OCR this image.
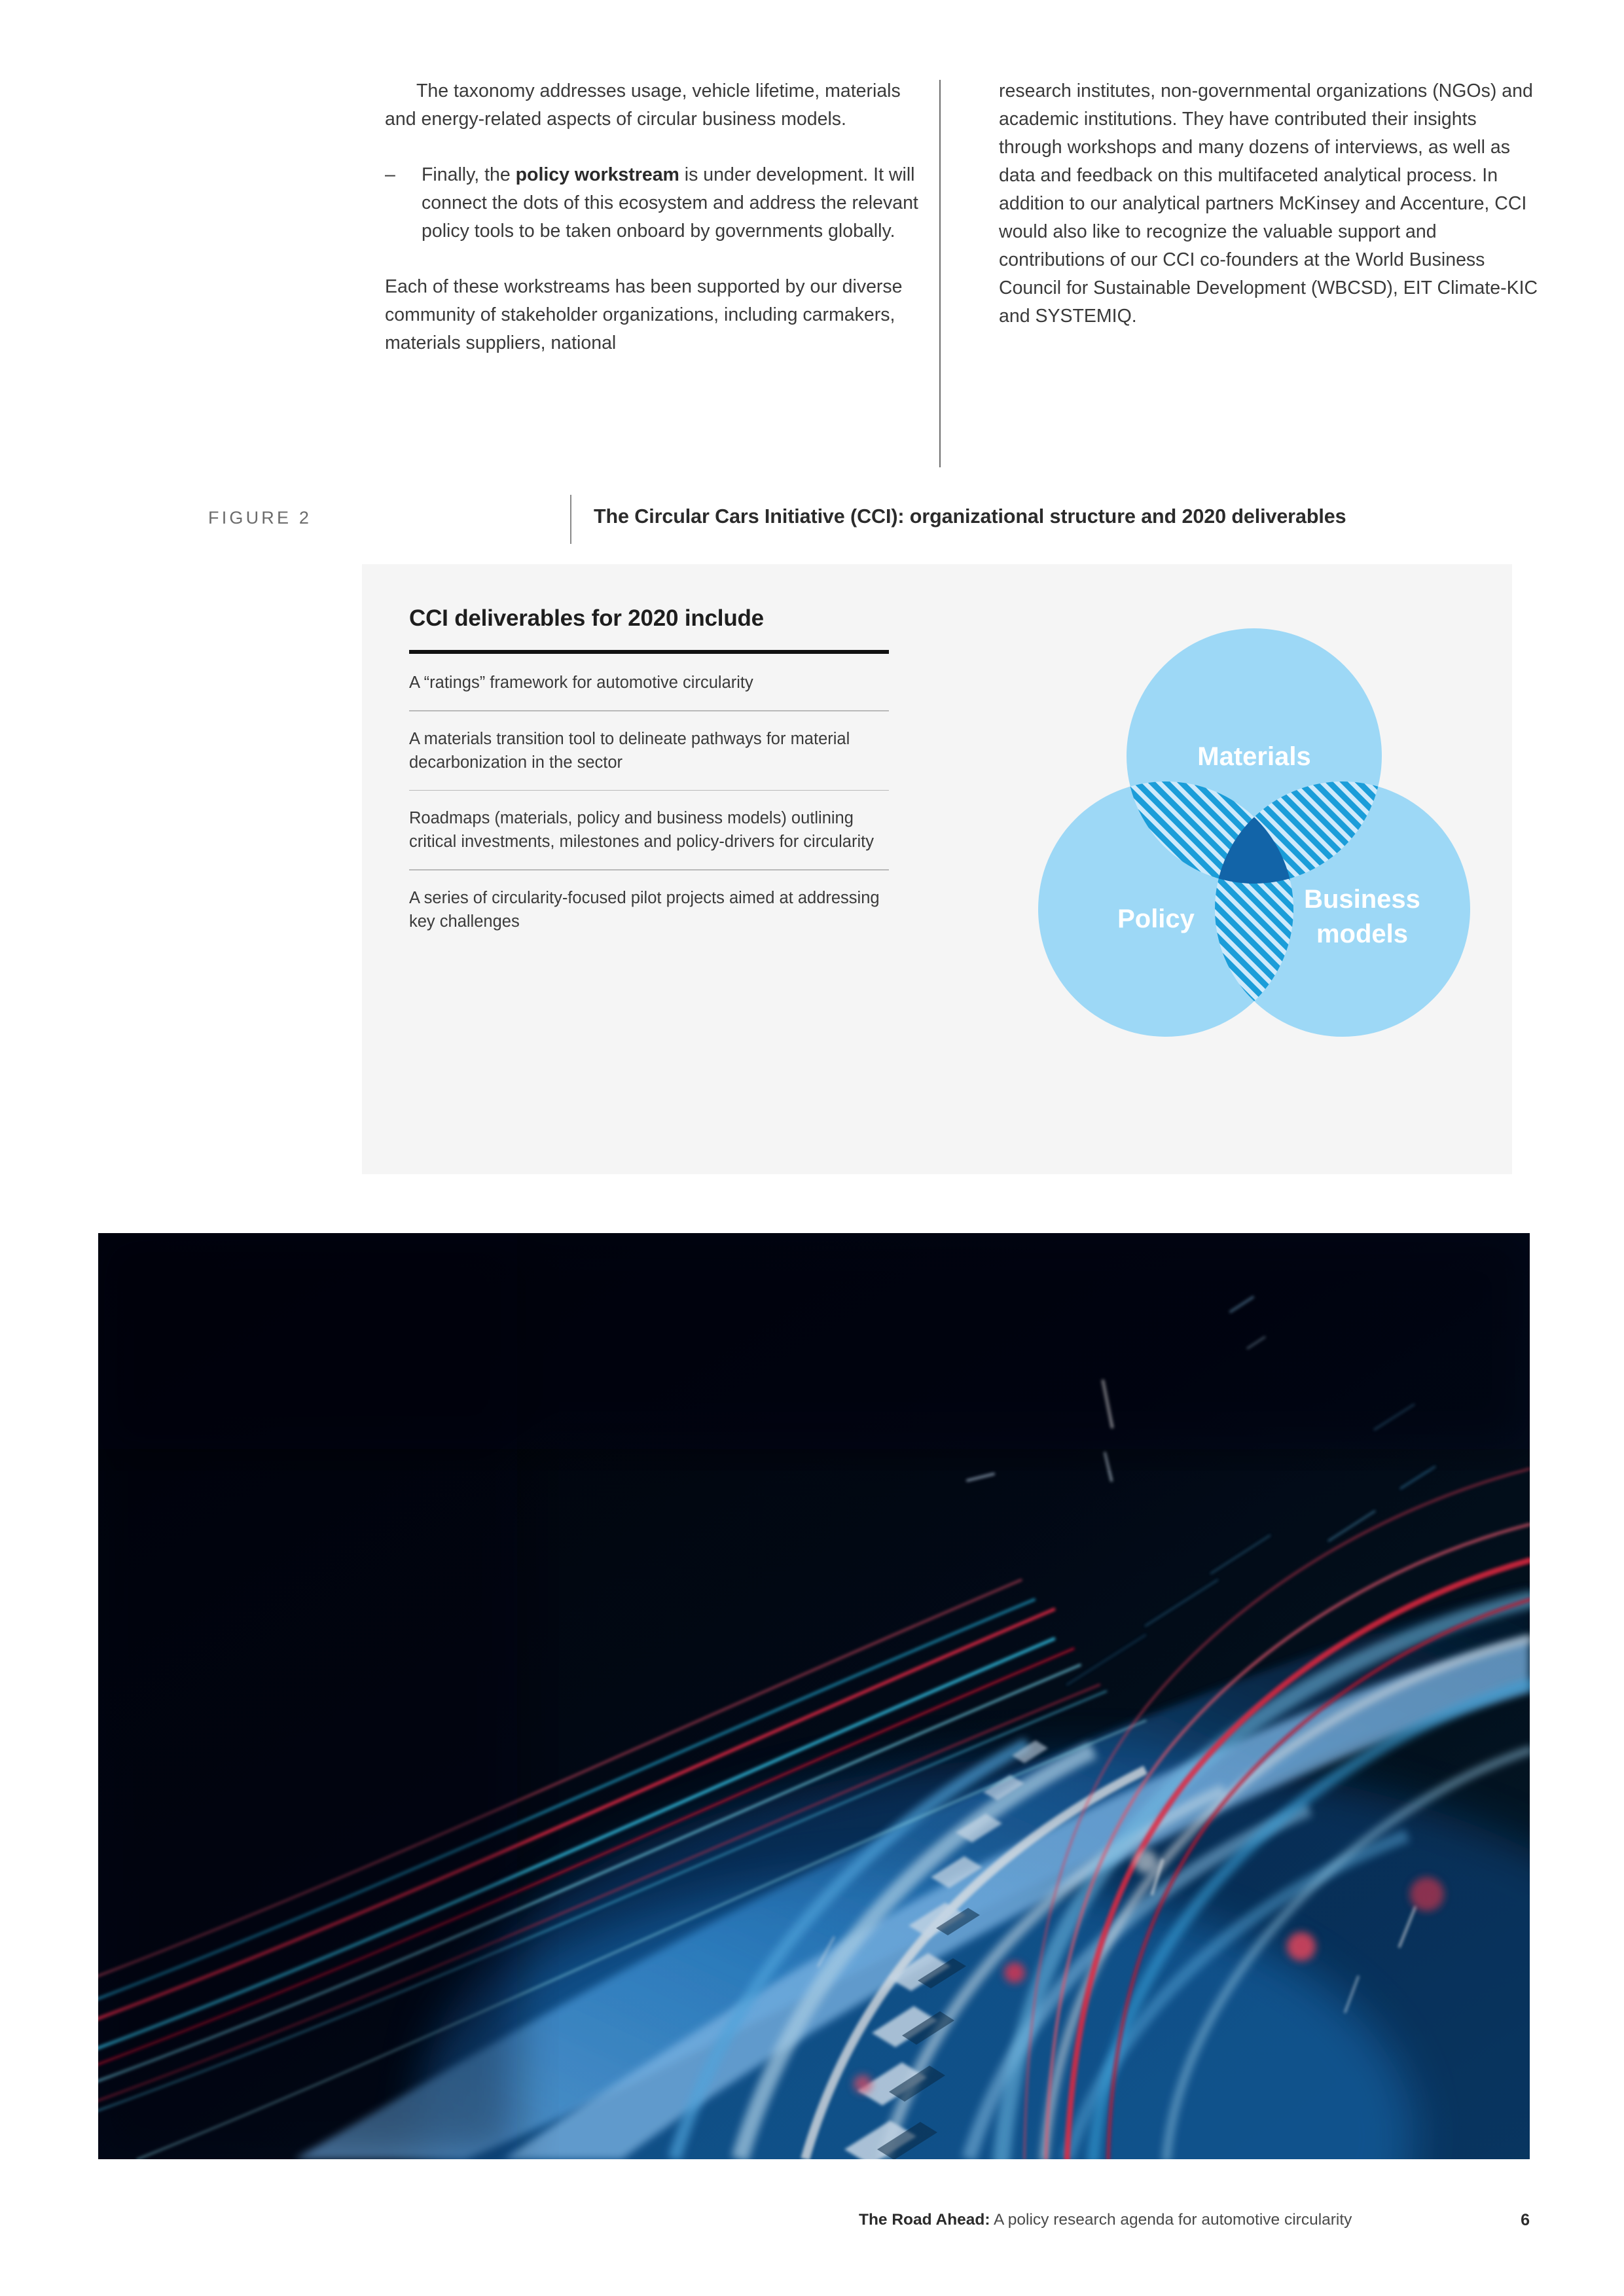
The taxonomy addresses usage, vehicle lifetime, materials and energy-related aspects of circular business models.

– Finally, the policy workstream is under development. It will connect the dots of this ecosystem and address the relevant policy tools to be taken onboard by governments globally.

Each of these workstreams has been supported by our diverse community of stakeholder organizations, including carmakers, materials suppliers, national

research institutes, non-governmental organizations (NGOs) and academic institutions. They have contributed their insights through workshops and many dozens of interviews, as well as data and feedback on this multifaceted analytical process. In addition to our analytical partners McKinsey and Accenture, CCI would also like to recognize the valuable support and contributions of our CCI co-founders at the World Business Council for Sustainable Development (WBCSD), EIT Climate-KIC and SYSTEMIQ.

FIGURE 2	The Circular Cars Initiative (CCI): organizational structure and 2020 deliverables
CCI deliverables for 2020 include
A “ratings” framework for automotive circularity
A materials transition tool to delineate pathways for material decarbonization in the sector
Roadmaps (materials, policy and business models) outlining critical investments, milestones and policy-drivers for circularity
A series of circularity-focused pilot projects aimed at addressing key challenges
Materials
Policy
Business
models
The Road Ahead: A policy research agenda for automotive circularity	6
